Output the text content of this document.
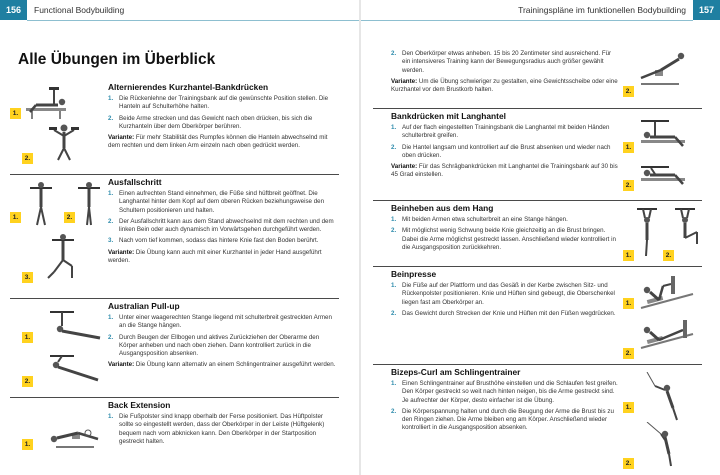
156	Functional Bodybuilding
Alle Übungen im Überblick
1.
2.
Alternierendes Kurzhantel-Bankdrücken
1. Die Rückenlehne der Trainingsbank auf die gewünschte Position stellen. Die Hanteln auf Schulterhöhe halten.
2. Beide Arme strecken und das Gewicht nach oben drücken, bis sich die Kurzhanteln über dem Oberkörper berühren.
Variante: Für mehr Stabilität des Rumpfes können die Hanteln abwechselnd mit dem rechten und dem linken Arm einzeln nach oben gedrückt werden.
1.	2.
3.
Ausfallschritt
1. Einen aufrechten Stand einnehmen, die Füße sind hüftbreit geöffnet. Die Langhantel hinter dem Kopf auf dem oberen Rücken beziehungsweise den Schultern positionieren und halten.
2. Der Ausfallschritt kann aus dem Stand abwechselnd mit dem rechten und dem linken Bein oder auch dynamisch im Vorwärtsgehen durchgeführt werden.
3. Nach vorn tief kommen, sodass das hintere Knie fast den Boden berührt.
Variante: Die Übung kann auch mit einer Kurzhantel in jeder Hand ausgeführt werden.
1.
2.
Australian Pull-up
1. Unter einer waagerechten Stange liegend mit schulterbreit gestreckten Armen an die Stange hängen.
2. Durch Beugen der Ellbogen und aktives Zurückziehen der Oberarme den Körper anheben und nach oben ziehen. Dann kontrolliert zurück in die Ausgangsposition absenken.
Variante: Die Übung kann alternativ an einem Schlingentrainer ausgeführt werden.
1.
Back Extension
1. Die Fußpolster sind knapp oberhalb der Ferse positioniert. Das Hüftpolster sollte so eingestellt werden, dass der Oberkörper in der Leiste (Hüftgelenk) bequem nach vorn abknicken kann. Den Oberkörper in der Startposition gestreckt halten.
Trainingspläne im funktionellen Bodybuilding	157
2. Den Oberkörper etwas anheben. 15 bis 20 Zentimeter sind ausreichend. Für ein intensiveres Training kann der Bewegungsradius auch größer gewählt werden.
Variante: Um die Übung schwieriger zu gestalten, eine Gewichtsscheibe oder eine Kurzhantel vor dem Brustkorb halten.	2.
Bankdrücken mit Langhantel
1. Auf der flach eingestellten Trainingsbank die Langhantel mit beiden Händen schulterbreit greifen.
2. Die Hantel langsam und kontrolliert auf die Brust absenken und wieder nach oben drücken.
Variante: Für das Schrägbankdrücken mit Langhantel die Trainingsbank auf 30 bis 45 Grad einstellen.
1.
2.
Beinheben aus dem Hang
1. Mit beiden Armen etwa schulterbreit an eine Stange hängen.
2. Mit möglichst wenig Schwung beide Knie gleichzeitig an die Brust bringen. Dabei die Arme möglichst gestreckt lassen. Anschließend wieder kontrolliert in die Ausgangsposition zurückkehren.
1.	2.
Beinpresse
1. Die Füße auf der Plattform und das Gesäß in der Kerbe zwischen Sitz- und Rückenpolster positionieren. Knie und Hüften sind gebeugt, die Oberschenkel liegen fast am Oberkörper an.
2. Das Gewicht durch Strecken der Knie und Hüften mit den Füßen wegdrücken.
1.
2.
Bizeps-Curl am Schlingentrainer
1. Einen Schlingentrainer auf Brusthöhe einstellen und die Schlaufen fest greifen. Den Körper gestreckt so weit nach hinten neigen, bis die Arme gestreckt sind. Je aufrechter der Körper, desto einfacher ist die Übung.
2. Die Körperspannung halten und durch die Beugung der Arme die Brust bis zu den Ringen ziehen. Die Arme bleiben eng am Körper. Anschließend wieder kontrolliert in die Ausgangsposition absenken.
1.
2.
